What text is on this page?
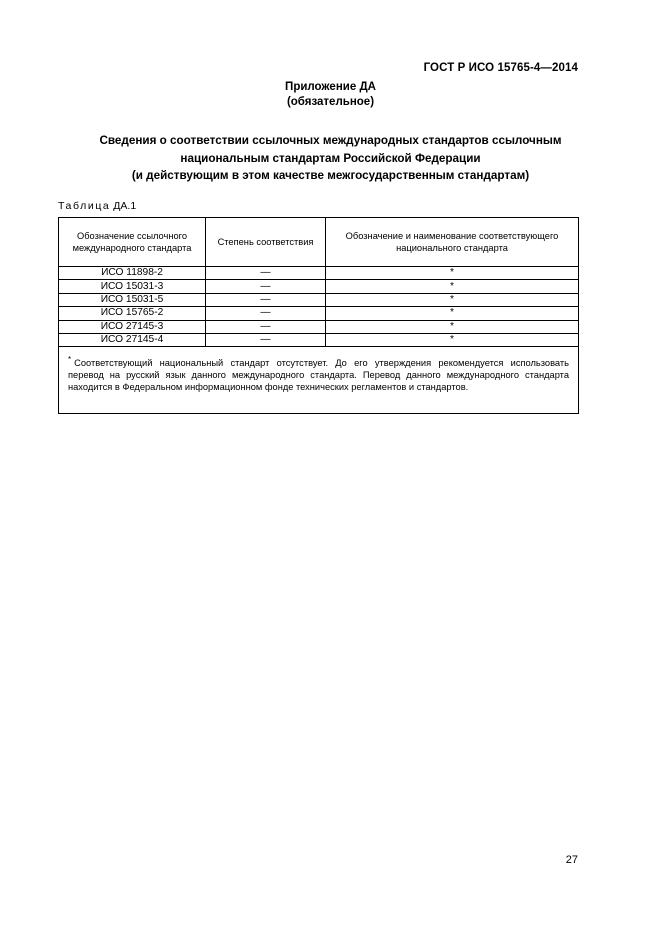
ГОСТ Р ИСО 15765-4—2014
Приложение ДА
(обязательное)
Сведения о соответствии ссылочных международных стандартов ссылочным
национальным стандартам Российской Федерации
(и действующим в этом качестве межгосударственным стандартам)
Таблица ДА.1
Обозначение ссылочного международного стандарта	Степень соответствия	Обозначение и наименование соответствующего национального стандарта
ИСО 11898-2	—	*
ИСО 15031-3	—	*
ИСО 15031-5	—	*
ИСО 15765-2	—	*
ИСО 27145-3	—	*
ИСО 27145-4	—	*
* Соответствующий национальный стандарт отсутствует. До его утверждения рекомендуется использовать перевод на русский язык данного международного стандарта. Перевод данного международного стандарта находится в Федеральном информационном фонде технических регламентов и стандартов.		
27
